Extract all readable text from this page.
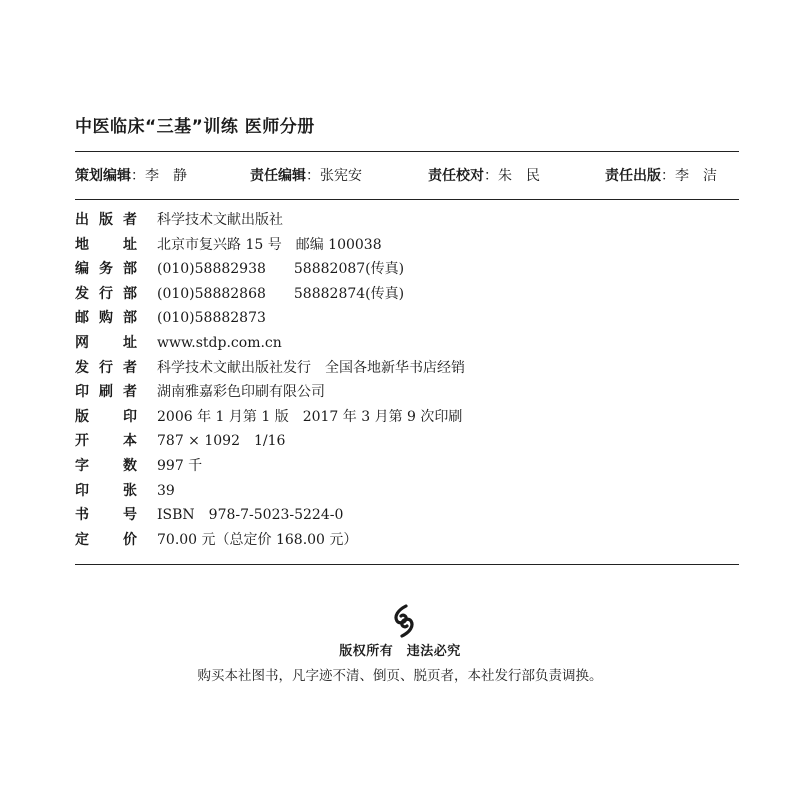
中医临床“三基”训练 医师分册
策划编辑：李　静	责任编辑：张宪安	责任校对：朱　民	责任出版：李　洁
出版者 科学技术文献出版社
地址 北京市复兴路 15 号　邮编 100038
编务部 (010)58882938　　58882087(传真)
发行部 (010)58882868　　58882874(传真)
邮购部 (010)58882873
网址 www.stdp.com.cn
发行者 科学技术文献出版社发行　全国各地新华书店经销
印刷者 湖南雅嘉彩色印刷有限公司
版印 2006 年 1 月第 1 版　2017 年 3 月第 9 次印刷
开本 787 × 1092　1/16
字数 997 千
印张 39
书号 ISBN　978-7-5023-5224-0
定价 70.00 元（总定价 168.00 元）
版权所有　违法必究
购买本社图书，凡字迹不清、倒页、脱页者，本社发行部负责调换。
